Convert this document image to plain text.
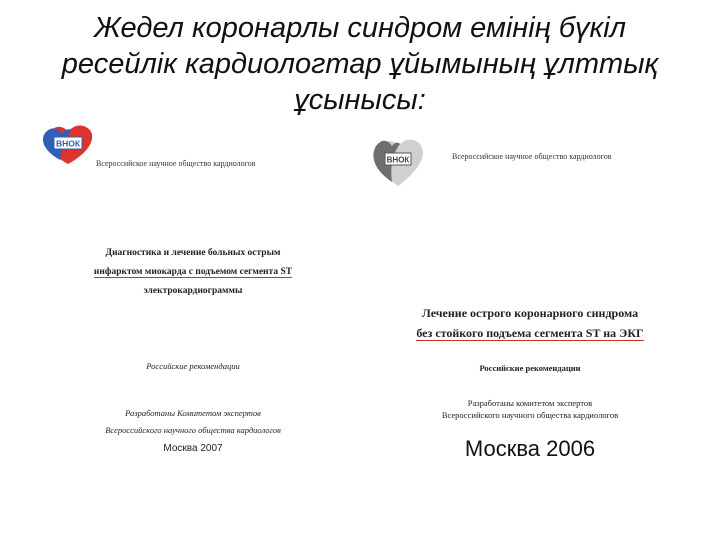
Жедел коронарлы синдром емінің бүкіл
ресейлік кардиологтар ұйымының ұлттық
ұсынысы:
ВНОК
Всероссийское научное общество кардиологов
Диагностика и лечение больных острым
инфарктом миокарда с подъемом сегмента ST
электрокардиограммы
Российские рекомендации
Разработаны Комитетом экспертов
Всероссийского научного общества кардиологов
Москва 2007
ВНОК	Всероссийское научное общество кардиологов
Лечение острого коронарного синдрома
без стойкого подъема сегмента ST на ЭКГ
Российские рекомендации
Разработаны комитетом экспертов
Всероссийского научного общества кардиологов
Москва 2006
